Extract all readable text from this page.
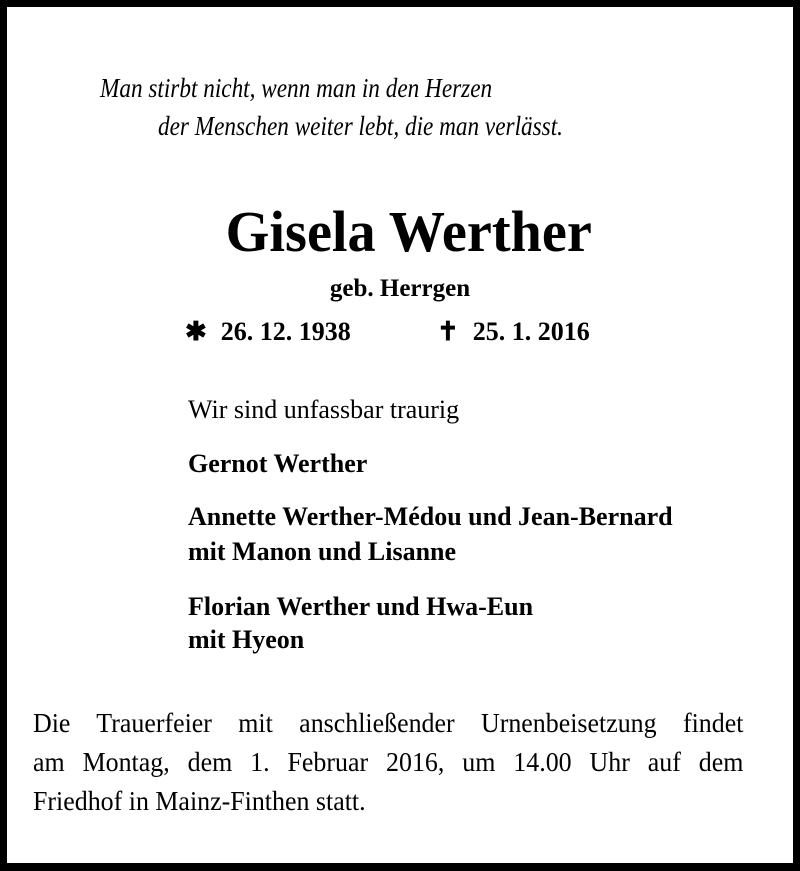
Man stirbt nicht, wenn man in den Herzen

der Menschen weiter lebt, die man verlässt.

Gisela Werther

geb. Herrgen

✱ 26. 12. 1938	✝ 25. 1. 2016

Wir sind unfassbar traurig

Gernot Werther

Annette Werther-Médou und Jean-Bernard

mit Manon und Lisanne

Florian Werther und Hwa-Eun

mit Hyeon

Die Trauerfeier mit anschließender Urnenbeisetzung findet
am Montag, dem 1. Februar 2016, um 14.00 Uhr auf dem
Friedhof in Mainz-Finthen statt.
